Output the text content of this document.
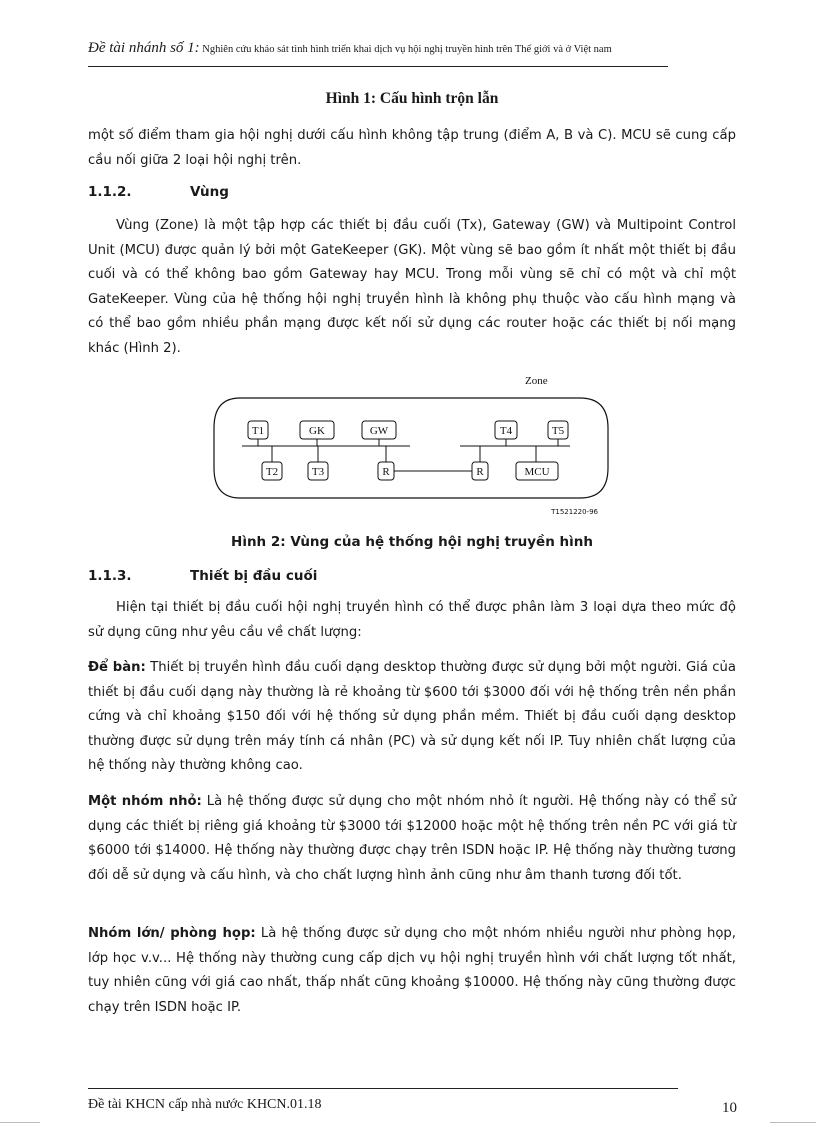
Đề tài nhánh số 1: Nghiên cứu khảo sát tình hình triển khai dịch vụ hội nghị truyền hình trên Thế giới và ở Việt nam
Hình 1: Cấu hình trộn lẫn
một số điểm tham gia hội nghị dưới cấu hình không tập trung (điểm A, B và C). MCU sẽ cung cấp cầu nối giữa 2 loại hội nghị trên.
1.1.2.	Vùng
Vùng (Zone) là một tập hợp các thiết bị đầu cuối (Tx), Gateway (GW) và Multipoint Control Unit (MCU) được quản lý bởi một GateKeeper (GK). Một vùng sẽ bao gồm ít nhất một thiết bị đầu cuối và có thể không bao gồm Gateway hay MCU. Trong mỗi vùng sẽ chỉ có một và chỉ một GateKeeper. Vùng của hệ thống hội nghị truyền hình là không phụ thuộc vào cấu hình mạng và có thể bao gồm nhiều phần mạng được kết nối sử dụng các router hoặc các thiết bị nối mạng khác (Hình 2).
Zone
T1	GK	GW	T4	T5
T2	T3	R	R	MCU
T1521220-96
Hình 2: Vùng của hệ thống hội nghị truyền hình
1.1.3.	Thiết bị đầu cuối
Hiện tại thiết bị đầu cuối hội nghị truyền hình có thể được phân làm 3 loại dựa theo mức độ sử dụng cũng như yêu cầu về chất lượng:
Để bàn: Thiết bị truyền hình đầu cuối dạng desktop thường được sử dụng bởi một người. Giá của thiết bị đầu cuối dạng này thường là rẻ khoảng từ $600 tới $3000 đối với hệ thống trên nền phần cứng và chỉ khoảng $150 đối với hệ thống sử dụng phần mềm. Thiết bị đầu cuối dạng desktop thường được sử dụng trên máy tính cá nhân (PC) và sử dụng kết nối IP. Tuy nhiên chất lượng của hệ thống này thường không cao.
Một nhóm nhỏ: Là hệ thống được sử dụng cho một nhóm nhỏ ít người. Hệ thống này có thể sử dụng các thiết bị riêng giá khoảng từ $3000 tới $12000 hoặc một hệ thống trên nền PC với giá từ $6000 tới $14000. Hệ thống này thường được chạy trên ISDN hoặc IP. Hệ thống này thường tương đối dễ sử dụng và cấu hình, và cho chất lượng hình ảnh cũng như âm thanh tương đối tốt.
Nhóm lớn/ phòng họp: Là hệ thống được sử dụng cho một nhóm nhiều người như phòng họp, lớp học v.v... Hệ thống này thường cung cấp dịch vụ hội nghị truyền hình với chất lượng tốt nhất, tuy nhiên cũng với giá cao nhất, thấp nhất cũng khoảng $10000. Hệ thống này cũng thường được chạy trên ISDN hoặc IP.
Đề tài KHCN cấp nhà nước KHCN.01.18	10
